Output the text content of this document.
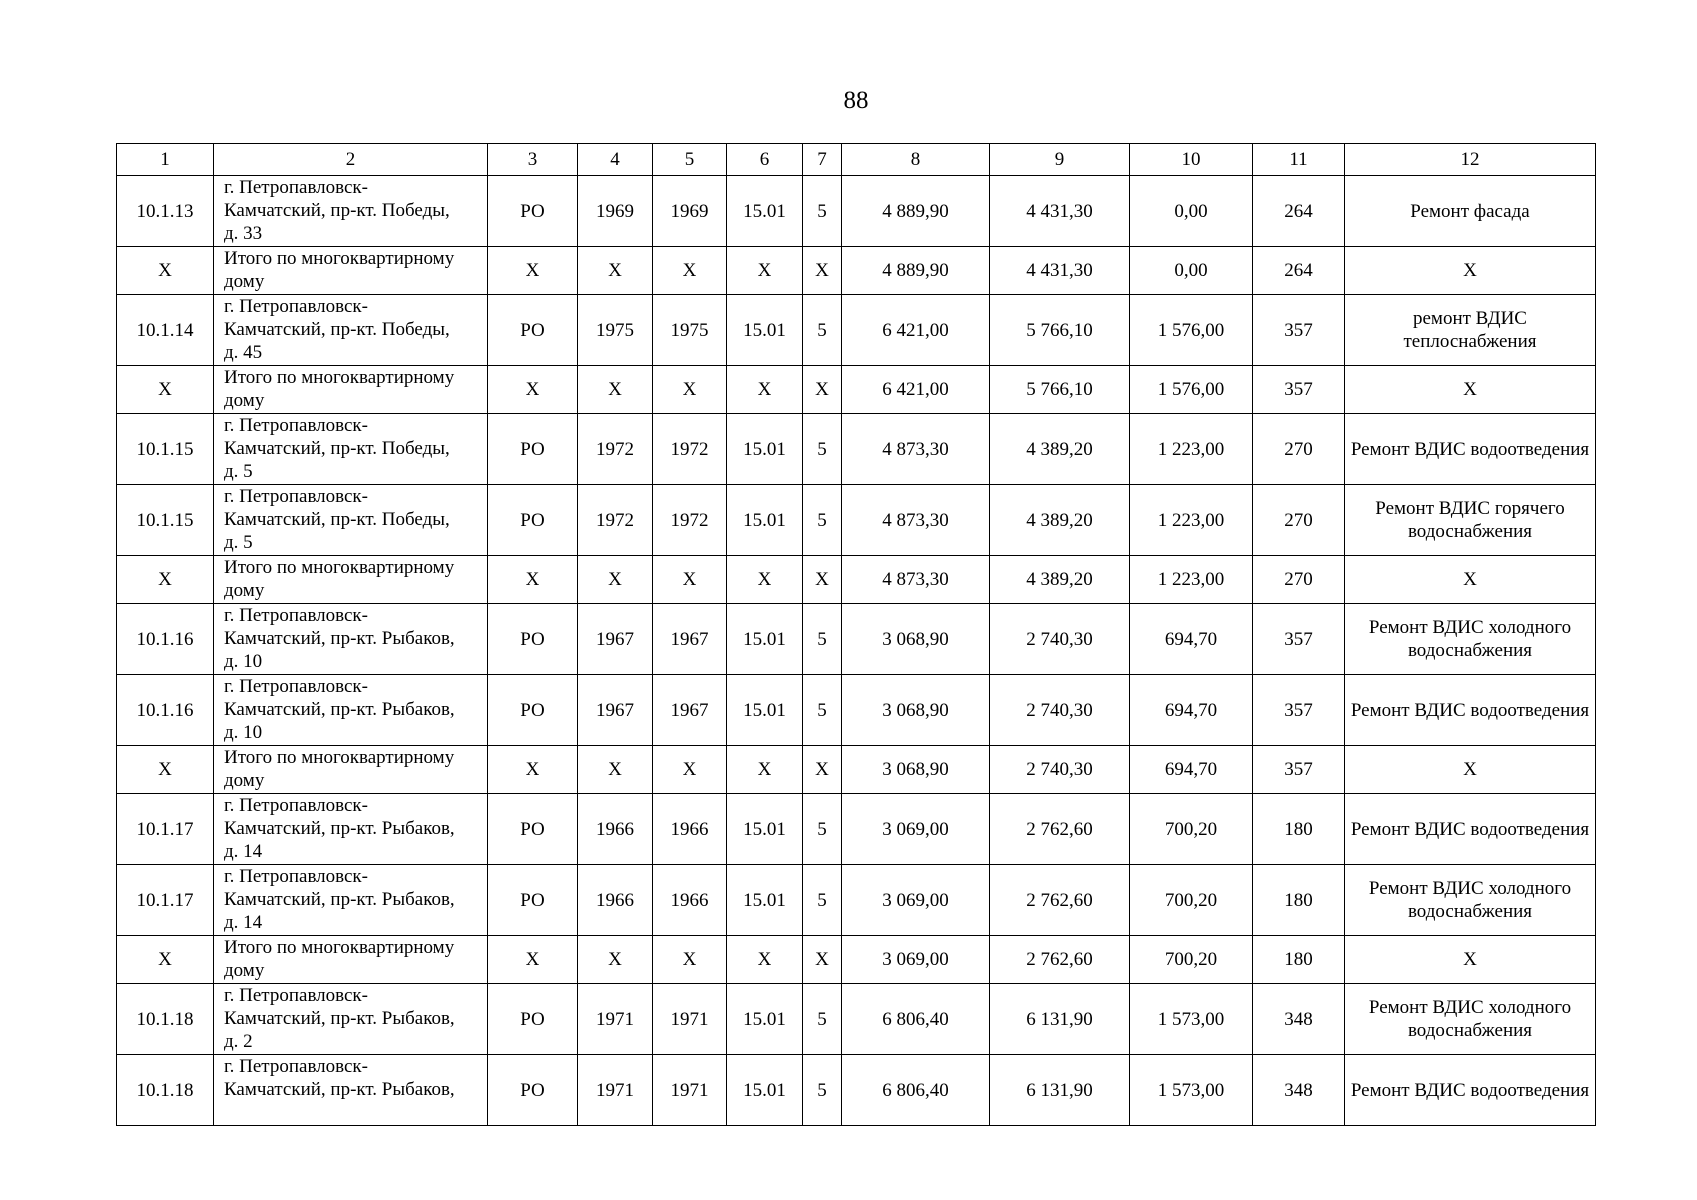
88
1	2	3	4	5	6	7	8	9	10	11	12
10.1.13	г. Петропавловск-
Камчатский, пр-кт. Победы,
д. 33	РО	1969	1969	15.01	5	4 889,90	4 431,30	0,00	264	Ремонт фасада
Х	Итого по многоквартирному
дому	Х	Х	Х	Х	Х	4 889,90	4 431,30	0,00	264	Х
10.1.14	г. Петропавловск-
Камчатский, пр-кт. Победы,
д. 45	РО	1975	1975	15.01	5	6 421,00	5 766,10	1 576,00	357	ремонт ВДИС теплоснабжения
Х	Итого по многоквартирному
дому	Х	Х	Х	Х	Х	6 421,00	5 766,10	1 576,00	357	Х
10.1.15	г. Петропавловск-
Камчатский, пр-кт. Победы,
д. 5	РО	1972	1972	15.01	5	4 873,30	4 389,20	1 223,00	270	Ремонт ВДИС водоотведения
10.1.15	г. Петропавловск-
Камчатский, пр-кт. Победы,
д. 5	РО	1972	1972	15.01	5	4 873,30	4 389,20	1 223,00	270	Ремонт ВДИС горячего водоснабжения
Х	Итого по многоквартирному
дому	Х	Х	Х	Х	Х	4 873,30	4 389,20	1 223,00	270	Х
10.1.16	г. Петропавловск-
Камчатский, пр-кт. Рыбаков,
д. 10	РО	1967	1967	15.01	5	3 068,90	2 740,30	694,70	357	Ремонт ВДИС холодного водоснабжения
10.1.16	г. Петропавловск-
Камчатский, пр-кт. Рыбаков,
д. 10	РО	1967	1967	15.01	5	3 068,90	2 740,30	694,70	357	Ремонт ВДИС водоотведения
Х	Итого по многоквартирному
дому	Х	Х	Х	Х	Х	3 068,90	2 740,30	694,70	357	Х
10.1.17	г. Петропавловск-
Камчатский, пр-кт. Рыбаков,
д. 14	РО	1966	1966	15.01	5	3 069,00	2 762,60	700,20	180	Ремонт ВДИС водоотведения
10.1.17	г. Петропавловск-
Камчатский, пр-кт. Рыбаков,
д. 14	РО	1966	1966	15.01	5	3 069,00	2 762,60	700,20	180	Ремонт ВДИС холодного водоснабжения
Х	Итого по многоквартирному
дому	Х	Х	Х	Х	Х	3 069,00	2 762,60	700,20	180	Х
10.1.18	г. Петропавловск-
Камчатский, пр-кт. Рыбаков,
д. 2	РО	1971	1971	15.01	5	6 806,40	6 131,90	1 573,00	348	Ремонт ВДИС холодного водоснабжения
10.1.18	г. Петропавловск-
Камчатский, пр-кт. Рыбаков,	РО	1971	1971	15.01	5	6 806,40	6 131,90	1 573,00	348	Ремонт ВДИС водоотведения
